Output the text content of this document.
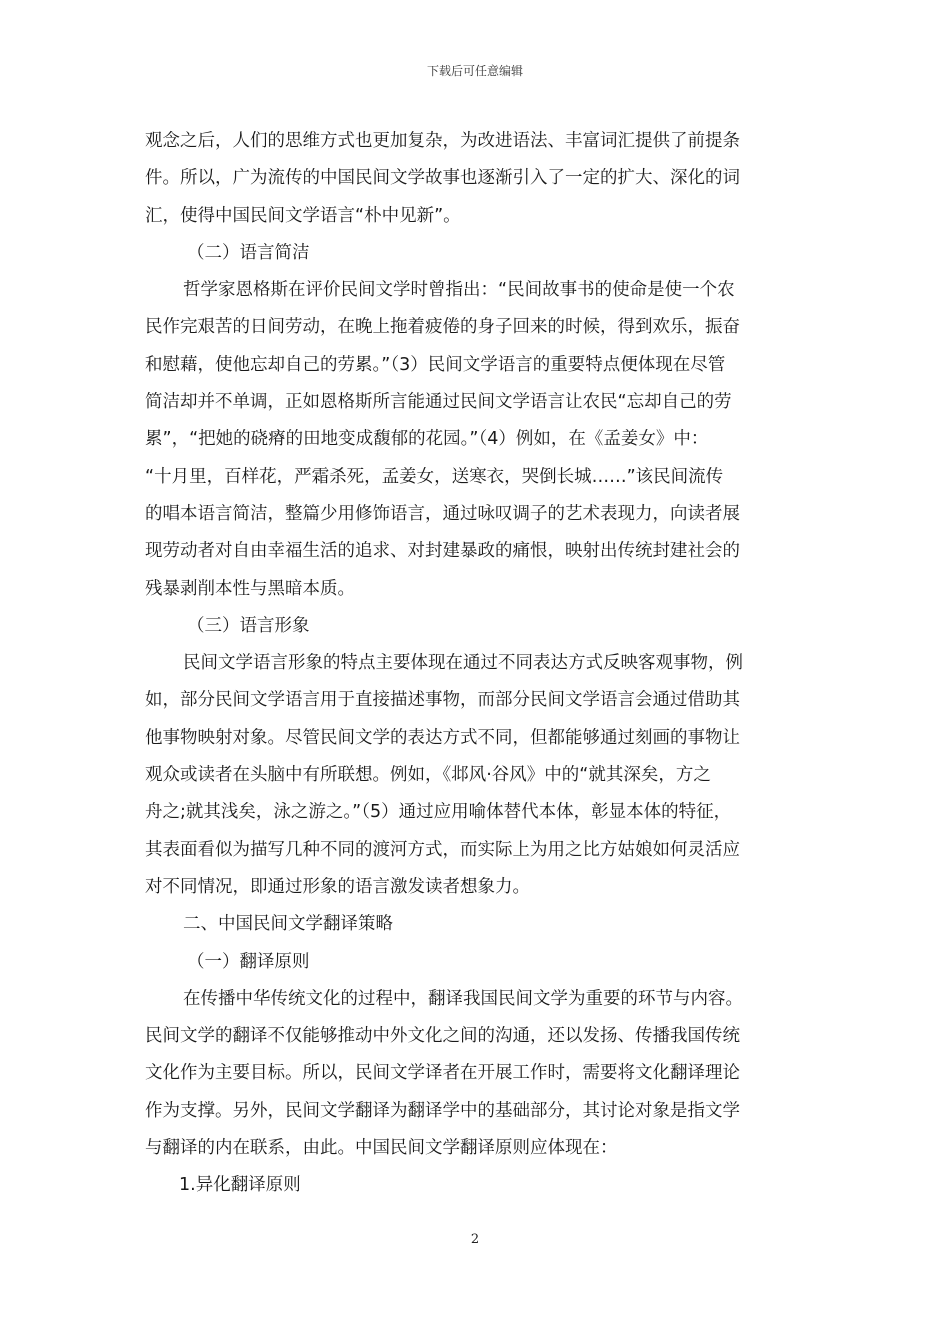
下载后可任意编辑
观念之后，人们的思维方式也更加复杂，为改进语法、丰富词汇提供了前提条
件。所以，广为流传的中国民间文学故事也逐渐引入了一定的扩大、深化的词
汇，使得中国民间文学语言“朴中见新”。
（二）语言简洁
哲学家恩格斯在评价民间文学时曾指出：“民间故事书的使命是使一个农
民作完艰苦的日间劳动，在晚上拖着疲倦的身子回来的时候，得到欢乐，振奋
和慰藉，使他忘却自己的劳累。”（3）民间文学语言的重要特点便体现在尽管
简洁却并不单调，正如恩格斯所言能通过民间文学语言让农民“忘却自己的劳
累”，“把她的硗瘠的田地变成馥郁的花园。”（4）例如，在《孟姜女》中：
“十月里，百样花，严霜杀死，孟姜女，送寒衣，哭倒长城……”该民间流传
的唱本语言简洁，整篇少用修饰语言，通过咏叹调子的艺术表现力，向读者展
现劳动者对自由幸福生活的追求、对封建暴政的痛恨，映射出传统封建社会的
残暴剥削本性与黑暗本质。
（三）语言形象
民间文学语言形象的特点主要体现在通过不同表达方式反映客观事物，例
如，部分民间文学语言用于直接描述事物，而部分民间文学语言会通过借助其
他事物映射对象。尽管民间文学的表达方式不同，但都能够通过刻画的事物让
观众或读者在头脑中有所联想。例如，《邶风·谷风》中的“就其深矣，方之
舟之;就其浅矣，泳之游之。”（5）通过应用喻体替代本体，彰显本体的特征，
其表面看似为描写几种不同的渡河方式，而实际上为用之比方姑娘如何灵活应
对不同情况，即通过形象的语言激发读者想象力。
二、中国民间文学翻译策略
（一）翻译原则
在传播中华传统文化的过程中，翻译我国民间文学为重要的环节与内容。
民间文学的翻译不仅能够推动中外文化之间的沟通，还以发扬、传播我国传统
文化作为主要目标。所以，民间文学译者在开展工作时，需要将文化翻译理论
作为支撑。另外，民间文学翻译为翻译学中的基础部分，其讨论对象是指文学
与翻译的内在联系，由此。中国民间文学翻译原则应体现在：
1.异化翻译原则
2
